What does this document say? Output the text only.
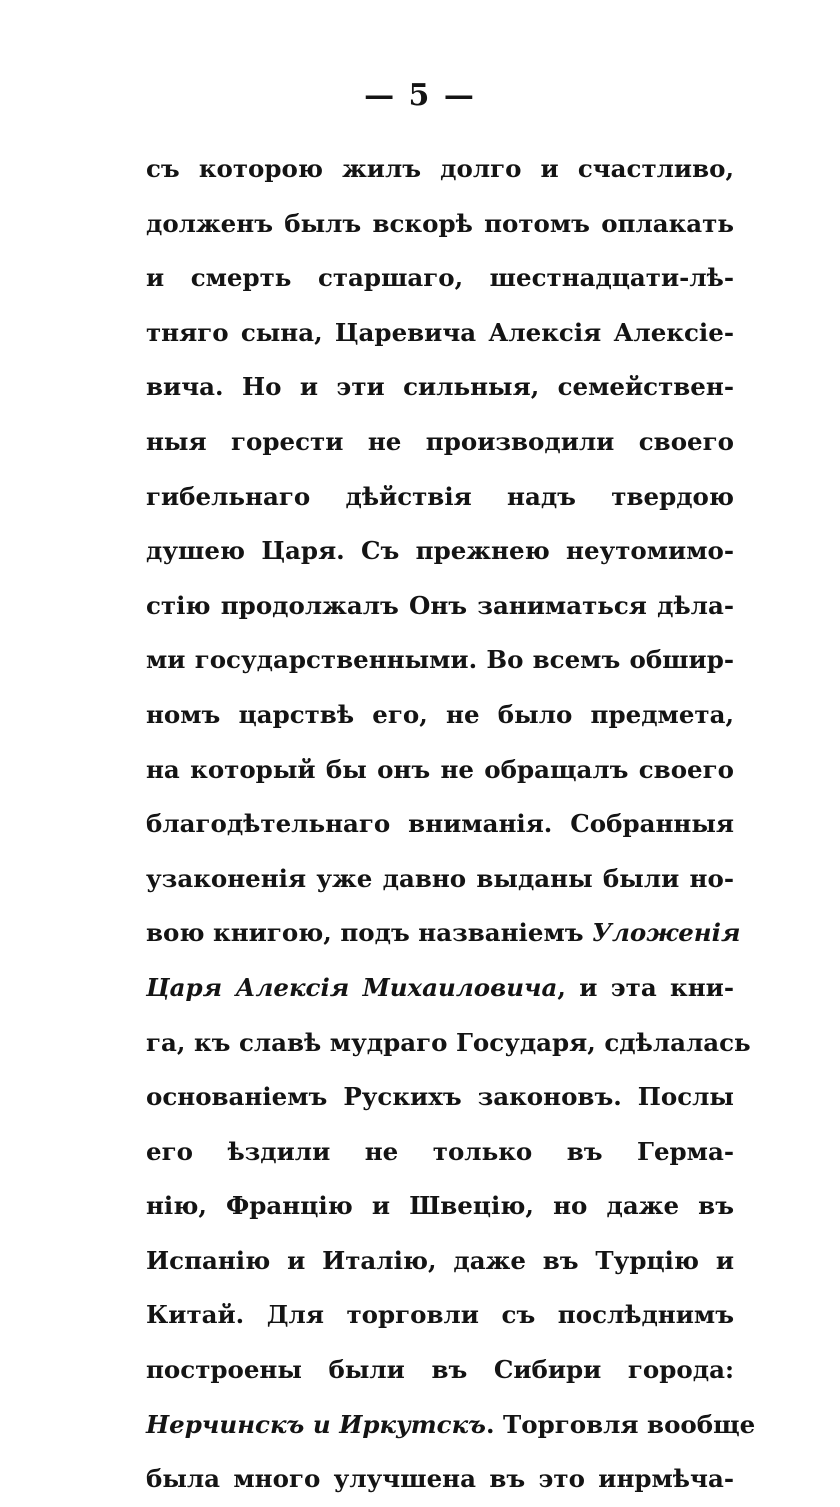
— 5 —
съ которою жилъ долго и счастливо,
долженъ былъ вскорѣ потомъ оплакать
и смерть старшаго, шестнадцати-лѣ-
тняго сына, Царевича Алексія Алексіе-
вича. Но и эти сильныя, семействен-
ныя горести не производили своего
гибельнаго дѣйствія надъ твердою
душею Царя. Съ прежнею неутомимо-
стію продолжалъ Онъ заниматься дѣла-
ми государственными. Во всемъ обшир-
номъ царствѣ его, не было предмета,
на который бы онъ не обращалъ своего
благодѣтельнаго вниманія. Собранныя
узаконенія уже давно выданы были но-
вою книгою, подъ названіемъ Уложенія
Царя Алексія Михаиловича, и эта кни-
га, къ славѣ мудраго Государя, сдѣлалась
основаніемъ Рускихъ законовъ. Послы
его ѣздили не только въ Герма-
нію, Францію и Швецію, но даже въ
Испанію и Италію, даже въ Турцію и
Китай. Для торговли съ послѣднимъ
построены были въ Сибири города:
Нерчинскъ и Иркутскъ. Торговля вообще
была много улучшена въ это инрмѣча-
